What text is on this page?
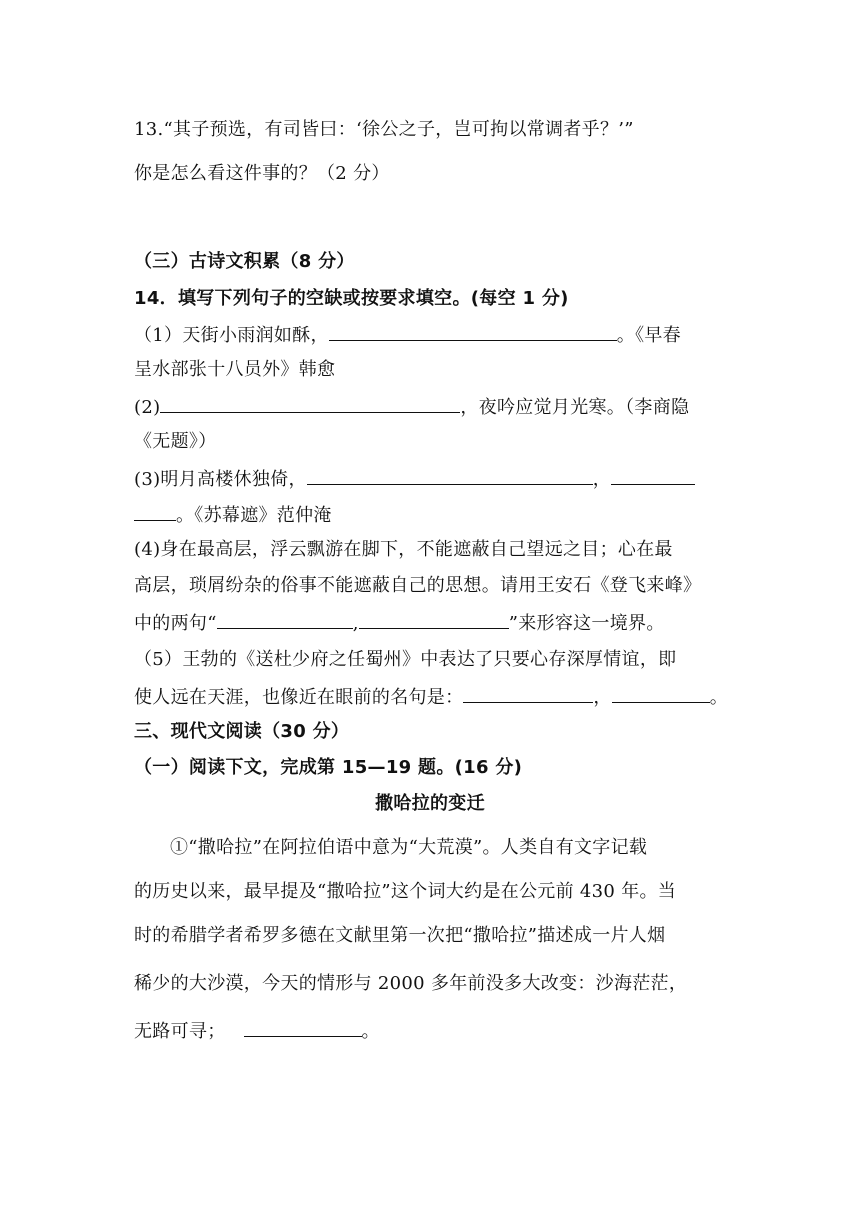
13.“其子预选，有司皆曰：‘徐公之子，岂可拘以常调者乎？’”
你是怎么看这件事的？（2 分）
（三）古诗文积累（8 分）
14．填写下列句子的空缺或按要求填空。(每空 1 分)
（1）天街小雨润如酥，	。《早春
呈水部张十八员外》韩愈
(2)	，夜吟应觉月光寒。（李商隐
《无题》）
(3)明月高楼休独倚，	，
。《苏幕遮》范仲淹
(4)身在最高层，浮云飘游在脚下，不能遮蔽自己望远之目；心在最
高层，琐屑纷杂的俗事不能遮蔽自己的思想。请用王安石《登飞来峰》
中的两句“	,	”来形容这一境界。
（5）王勃的《送杜少府之任蜀州》中表达了只要心存深厚情谊，即
使人远在天涯，也像近在眼前的名句是：	，	。
三、现代文阅读（30 分）
（一）阅读下文，完成第 15—19 题。(16 分)
撒哈拉的变迁
①“撒哈拉”在阿拉伯语中意为“大荒漠”。人类自有文字记载
的历史以来，最早提及“撒哈拉”这个词大约是在公元前 430 年。当
时的希腊学者希罗多德在文献里第一次把“撒哈拉”描述成一片人烟
稀少的大沙漠，今天的情形与 2000 多年前没多大改变：沙海茫茫，
无路可寻；	。
